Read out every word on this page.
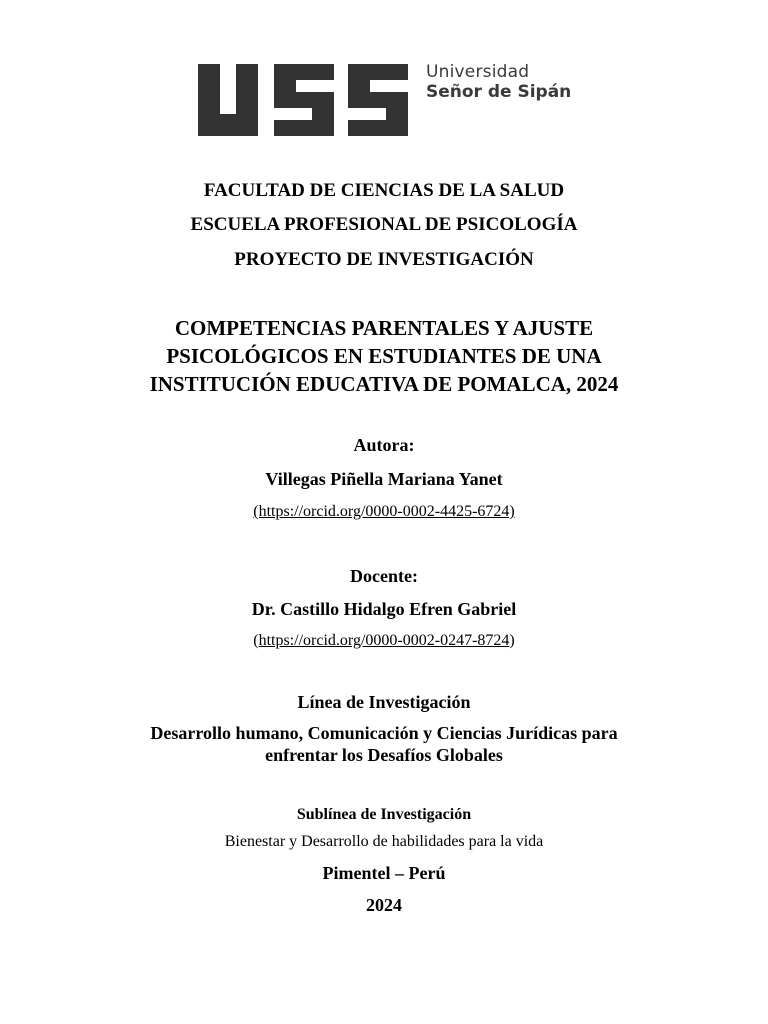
Universidad
Señor de Sipán
FACULTAD DE CIENCIAS DE LA SALUD
ESCUELA PROFESIONAL DE PSICOLOGÍA
PROYECTO DE INVESTIGACIÓN
COMPETENCIAS PARENTALES Y AJUSTE
PSICOLÓGICOS EN ESTUDIANTES DE UNA
INSTITUCIÓN EDUCATIVA DE POMALCA, 2024
Autora:
Villegas Piñella Mariana Yanet
(https://orcid.org/0000-0002-4425-6724)
Docente:
Dr. Castillo Hidalgo Efren Gabriel
(https://orcid.org/0000-0002-0247-8724)
Línea de Investigación
Desarrollo humano, Comunicación y Ciencias Jurídicas para
enfrentar los Desafíos Globales
Sublínea de Investigación
Bienestar y Desarrollo de habilidades para la vida
Pimentel – Perú
2024
